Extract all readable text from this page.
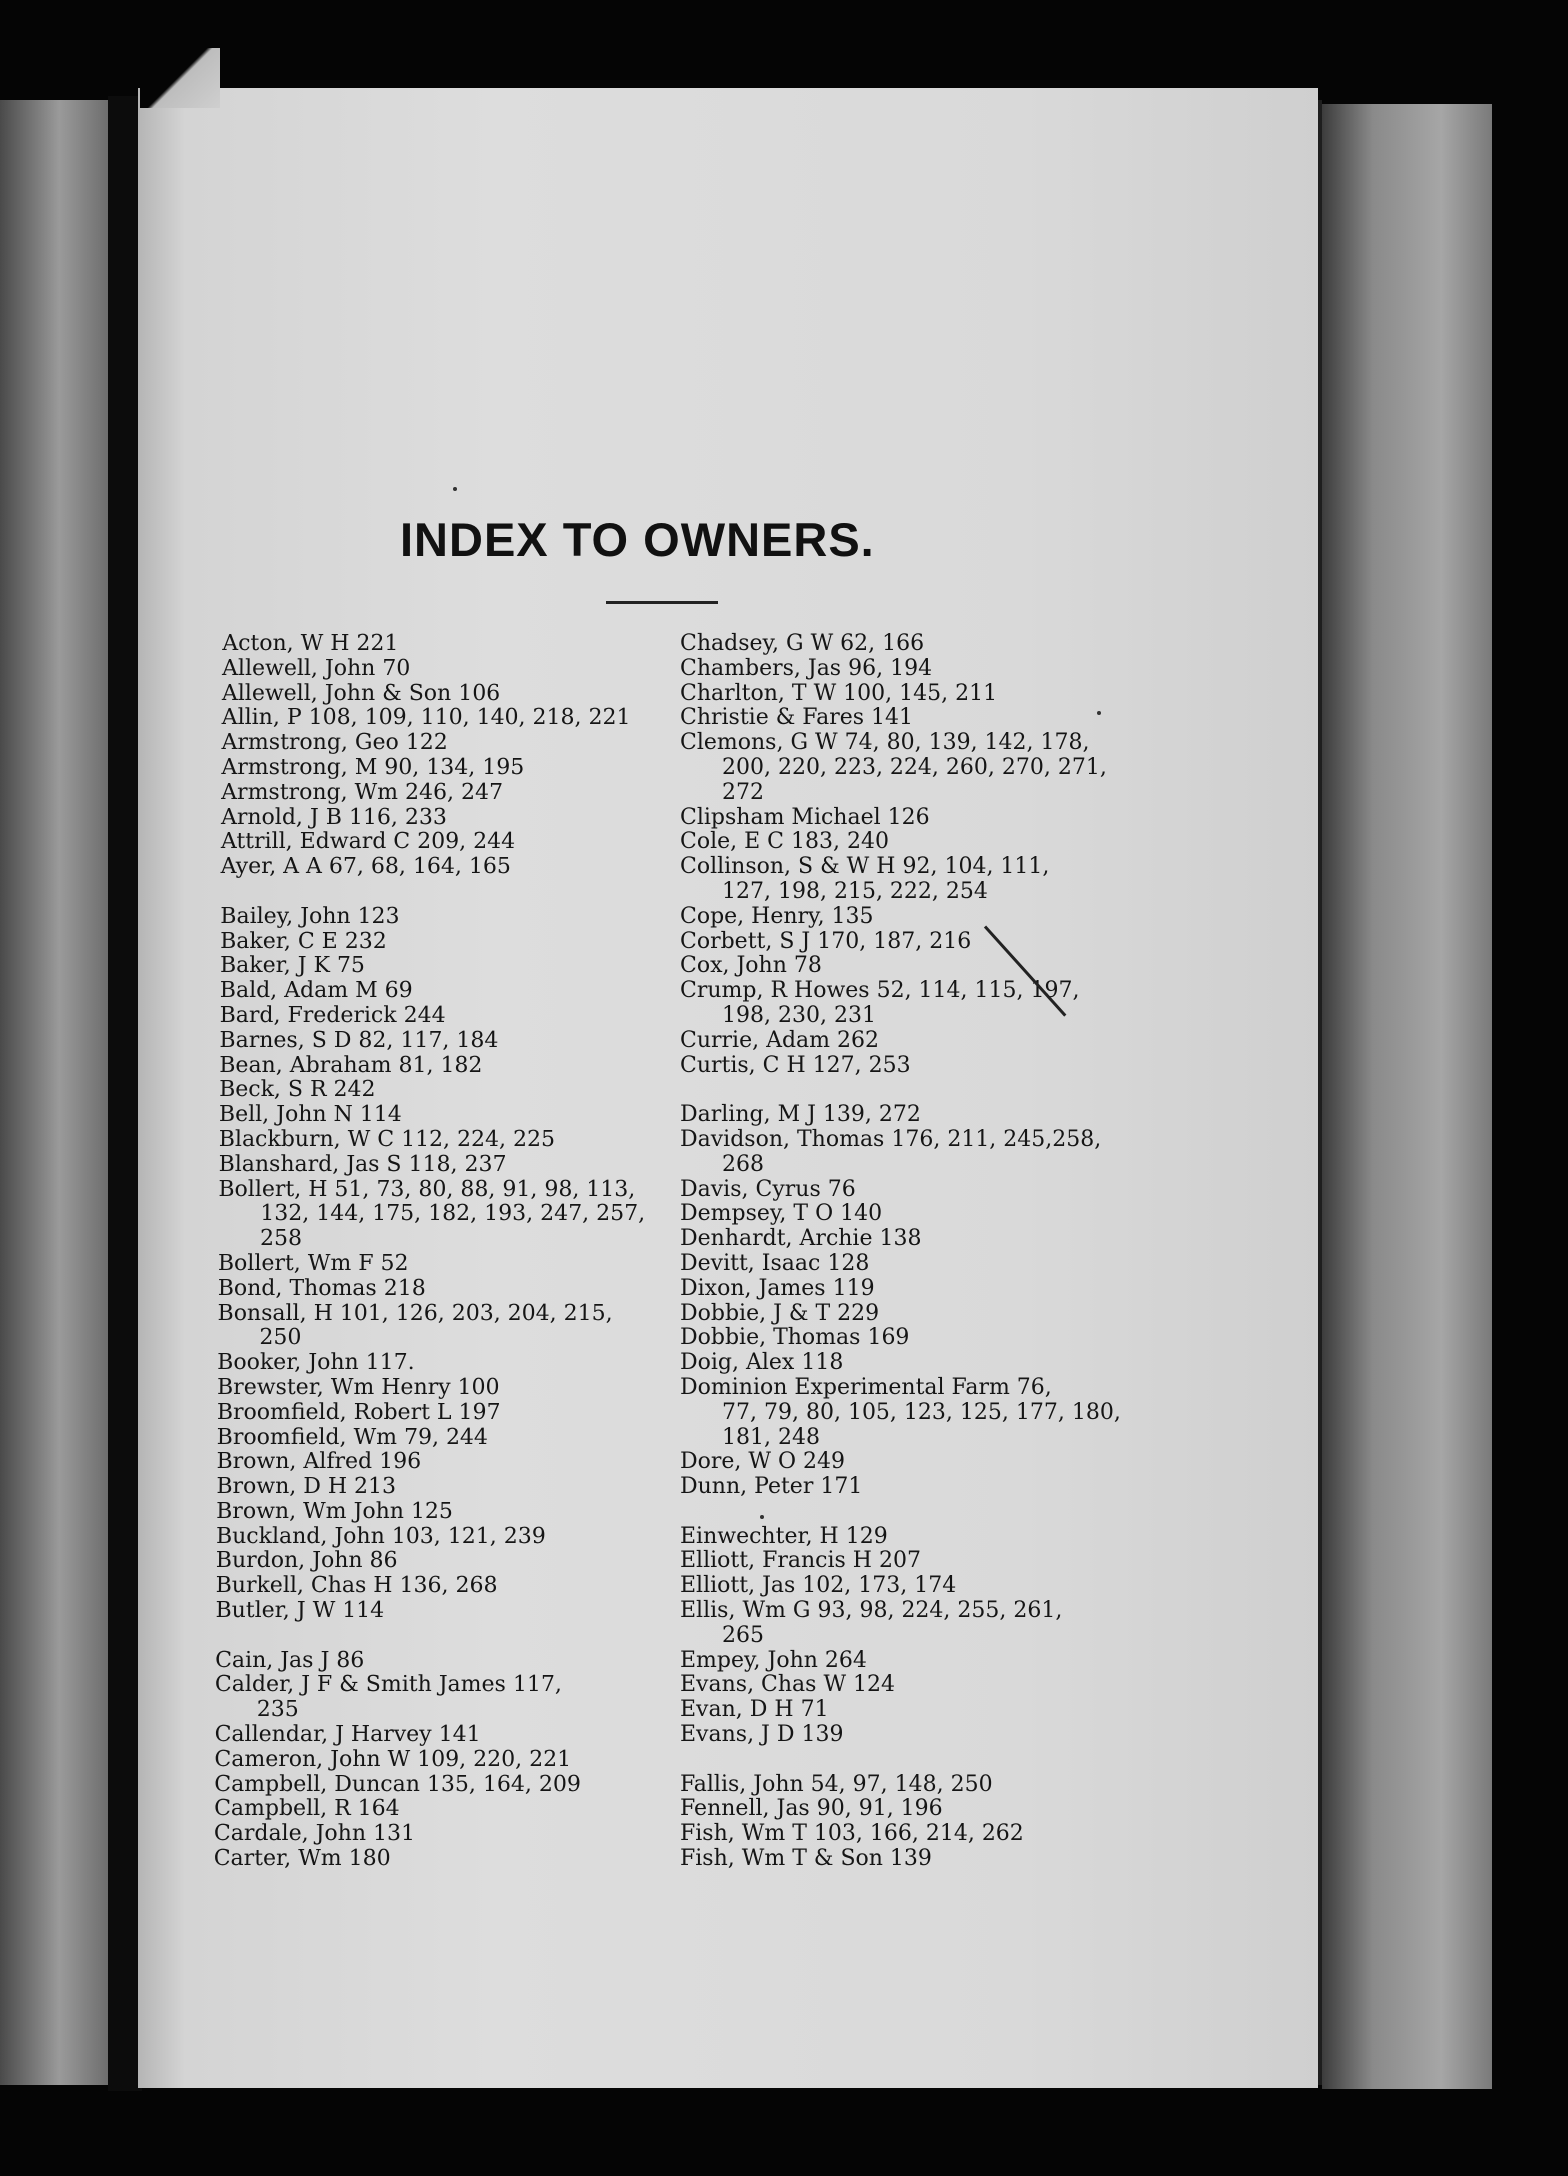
INDEX TO OWNERS.
Acton, W H 221
Allewell, John 70
Allewell, John & Son 106
Allin, P 108, 109, 110, 140, 218, 221
Armstrong, Geo 122
Armstrong, M 90, 134, 195
Armstrong, Wm 246, 247
Arnold, J B 116, 233
Attrill, Edward C 209, 244
Ayer, A A 67, 68, 164, 165
Bailey, John 123
Baker, C E 232
Baker, J K 75
Bald, Adam M 69
Bard, Frederick 244
Barnes, S D 82, 117, 184
Bean, Abraham 81, 182
Beck, S R 242
Bell, John N 114
Blackburn, W C 112, 224, 225
Blanshard, Jas S 118, 237
Bollert, H 51, 73, 80, 88, 91, 98, 113,
132, 144, 175, 182, 193, 247, 257,
258
Bollert, Wm F 52
Bond, Thomas 218
Bonsall, H 101, 126, 203, 204, 215,
250
Booker, John 117.
Brewster, Wm Henry 100
Broomfield, Robert L 197
Broomfield, Wm 79, 244
Brown, Alfred 196
Brown, D H 213
Brown, Wm John 125
Buckland, John 103, 121, 239
Burdon, John 86
Burkell, Chas H 136, 268
Butler, J W 114
Cain, Jas J 86
Calder, J F & Smith James 117,
235
Callendar, J Harvey 141
Cameron, John W 109, 220, 221
Campbell, Duncan 135, 164, 209
Campbell, R 164
Cardale, John 131
Carter, Wm 180
Chadsey, G W 62, 166
Chambers, Jas 96, 194
Charlton, T W 100, 145, 211
Christie & Fares 141
Clemons, G W 74, 80, 139, 142, 178,
200, 220, 223, 224, 260, 270, 271,
272
Clipsham Michael 126
Cole, E C 183, 240
Collinson, S & W H 92, 104, 111,
127, 198, 215, 222, 254
Cope, Henry, 135
Corbett, S J 170, 187, 216
Cox, John 78
Crump, R Howes 52, 114, 115, 197,
198, 230, 231
Currie, Adam 262
Curtis, C H 127, 253
Darling, M J 139, 272
Davidson, Thomas 176, 211, 245,258,
268
Davis, Cyrus 76
Dempsey, T O 140
Denhardt, Archie 138
Devitt, Isaac 128
Dixon, James 119
Dobbie, J & T 229
Dobbie, Thomas 169
Doig, Alex 118
Dominion Experimental Farm 76,
77, 79, 80, 105, 123, 125, 177, 180,
181, 248
Dore, W O 249
Dunn, Peter 171
Einwechter, H 129
Elliott, Francis H 207
Elliott, Jas 102, 173, 174
Ellis, Wm G 93, 98, 224, 255, 261,
265
Empey, John 264
Evans, Chas W 124
Evan, D H 71
Evans, J D 139
Fallis, John 54, 97, 148, 250
Fennell, Jas 90, 91, 196
Fish, Wm T 103, 166, 214, 262
Fish, Wm T & Son 139
